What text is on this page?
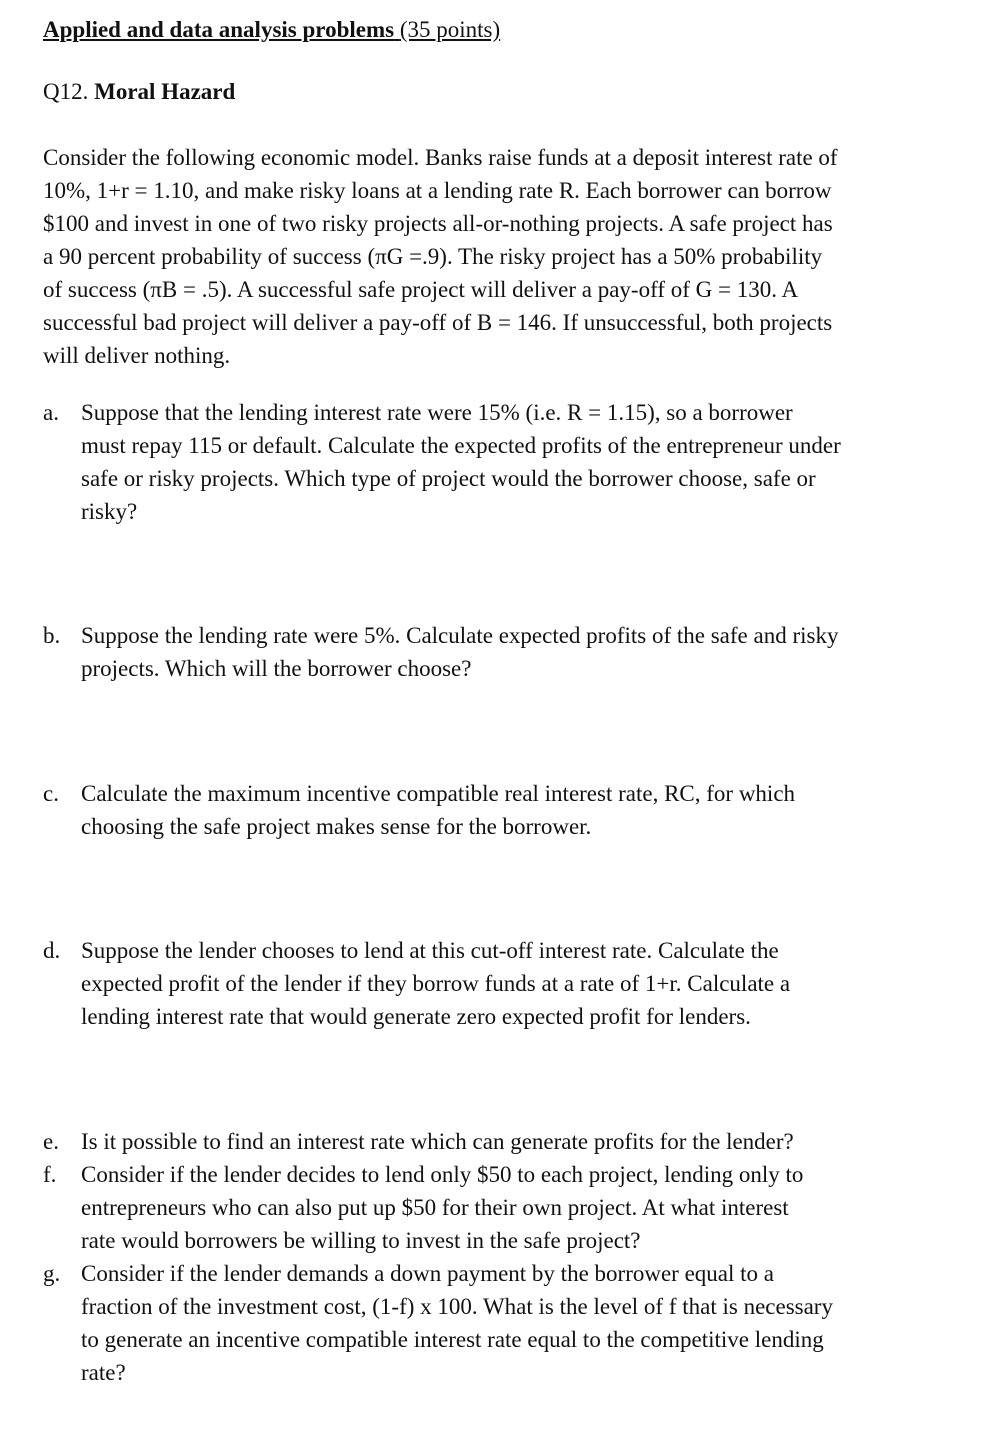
Applied and data analysis problems (35 points)
Q12. Moral Hazard
Consider the following economic model. Banks raise funds at a deposit interest rate of
10%, 1+r = 1.10, and make risky loans at a lending rate R. Each borrower can borrow
$100 and invest in one of two risky projects all-or-nothing projects. A safe project has
a 90 percent probability of success (πG =.9). The risky project has a 50% probability
of success (πB = .5). A successful safe project will deliver a pay-off of G = 130. A
successful bad project will deliver a pay-off of B = 146. If unsuccessful, both projects
will deliver nothing.
a. Suppose that the lending interest rate were 15% (i.e. R = 1.15), so a borrower
must repay 115 or default. Calculate the expected profits of the entrepreneur under
safe or risky projects. Which type of project would the borrower choose, safe or
risky?
b. Suppose the lending rate were 5%. Calculate expected profits of the safe and risky
projects. Which will the borrower choose?
c. Calculate the maximum incentive compatible real interest rate, RC, for which
choosing the safe project makes sense for the borrower.
d. Suppose the lender chooses to lend at this cut-off interest rate. Calculate the
expected profit of the lender if they borrow funds at a rate of 1+r. Calculate a
lending interest rate that would generate zero expected profit for lenders.
e. Is it possible to find an interest rate which can generate profits for the lender?
f.	Consider if the lender decides to lend only $50 to each project, lending only to
entrepreneurs who can also put up $50 for their own project. At what interest
rate would borrowers be willing to invest in the safe project?
g. Consider if the lender demands a down payment by the borrower equal to a
fraction of the investment cost, (1-f) x 100. What is the level of f that is necessary
to generate an incentive compatible interest rate equal to the competitive lending
rate?
